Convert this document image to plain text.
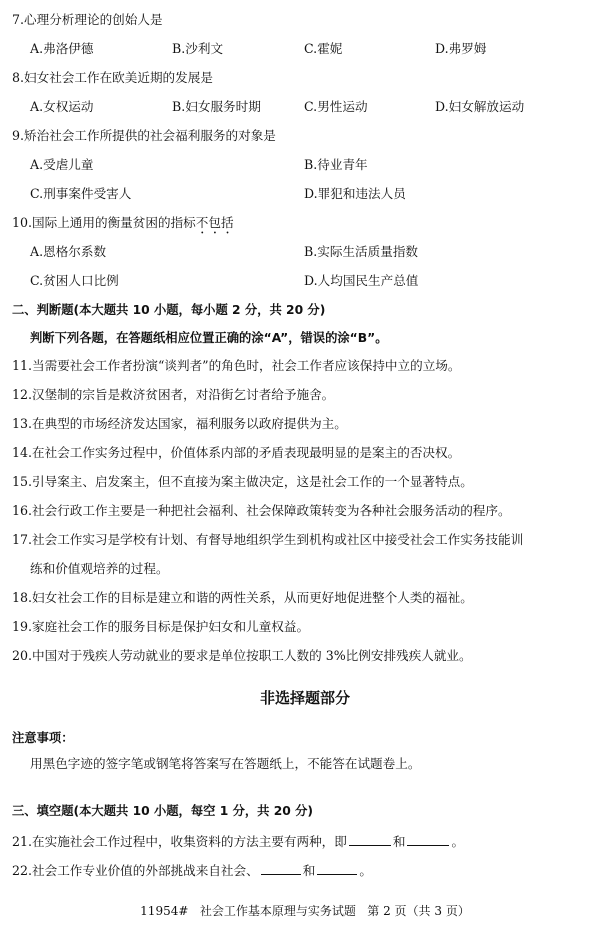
7.心理分析理论的创始人是
A.弗洛伊德	B.沙利文	C.霍妮	D.弗罗姆
8.妇女社会工作在欧美近期的发展是
A.女权运动	B.妇女服务时期	C.男性运动	D.妇女解放运动
9.矫治社会工作所提供的社会福利服务的对象是
A.受虐儿童	B.待业青年
C.刑事案件受害人	D.罪犯和违法人员
10.国际上通用的衡量贫困的指标不包括
A.恩格尔系数	B.实际生活质量指数
C.贫困人口比例	D.人均国民生产总值
二、判断题(本大题共 10 小题，每小题 2 分，共 20 分)
判断下列各题，在答题纸相应位置正确的涂“A”，错误的涂“B”。
11.当需要社会工作者扮演“谈判者”的角色时，社会工作者应该保持中立的立场。
12.汉堡制的宗旨是救济贫困者，对沿街乞讨者给予施舍。
13.在典型的市场经济发达国家，福利服务以政府提供为主。
14.在社会工作实务过程中，价值体系内部的矛盾表现最明显的是案主的否决权。
15.引导案主、启发案主，但不直接为案主做决定，这是社会工作的一个显著特点。
16.社会行政工作主要是一种把社会福利、社会保障政策转变为各种社会服务活动的程序。
17.社会工作实习是学校有计划、有督导地组织学生到机构或社区中接受社会工作实务技能训
练和价值观培养的过程。
18.妇女社会工作的目标是建立和谐的两性关系，从而更好地促进整个人类的福祉。
19.家庭社会工作的服务目标是保护妇女和儿童权益。
20.中国对于残疾人劳动就业的要求是单位按职工人数的 3%比例安排残疾人就业。
非选择题部分
注意事项：
用黑色字迹的签字笔或钢笔将答案写在答题纸上，不能答在试题卷上。
三、填空题(本大题共 10 小题，每空 1 分，共 20 分)
21.在实施社会工作过程中，收集资料的方法主要有两种，即	和	。
22.社会工作专业价值的外部挑战来自社会、	和	。
11954#   社会工作基本原理与实务试题   第 2 页（共 3 页）
